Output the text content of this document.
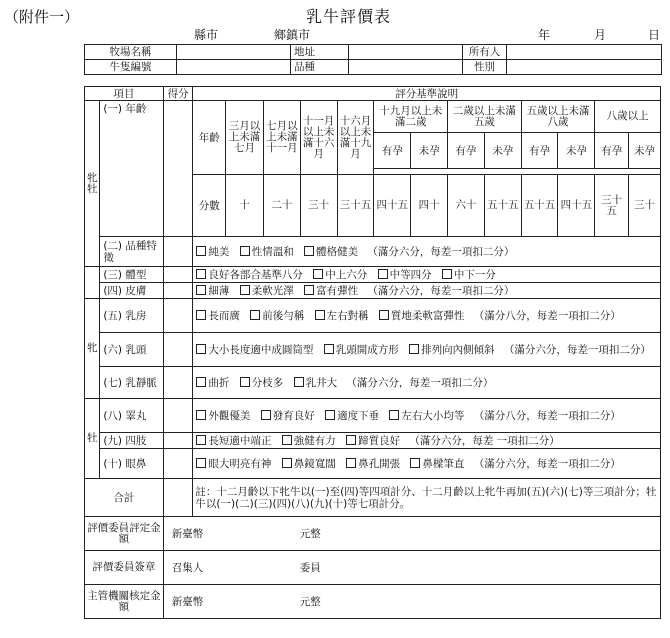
（附件一）	乳牛評價表
縣市	鄉鎮市	年	月	日
牧場名稱		地址		所有人	
牛隻編號		品種		性別	
項目		得分	評分基準說明												
牝牡	(一) 年齡		年齡	三月以上未滿七月	七月以上未滿十一月	十一月以上未滿十六月	十六月以上未滿十九月	十九月以上未滿二歲		二歲以上未滿五歲		五歲以上未滿八歲		八歲以上	
								有孕	未孕	有孕	未孕	有孕	未孕	有孕	未孕

			分數	十	二十	三十	三十五	四十五	四十	六十	五十五	五十五	四十五	三十五	三十
	(二) 品種特徵		純美 性情溫和 體格健美 （滿分六分，每差一項扣二分）												
	(三) 體型		良好各部合基準八分 中上六分 中等四分 中下一分												
	(四) 皮膚		細薄 柔軟光澤 富有彈性 （滿分六分，每差一項扣二分）												
牝	(五) 乳房		長而廣 前後勻稱 左右對稱 質地柔軟富彈性 （滿分八分，每差一項扣二分）												
	(六) 乳頭		大小長度適中成圓筒型 乳頭開成方形 排列向內側傾斜 （滿分六分，每差一項扣二分）												
	(七) 乳靜脈		曲折 分枝多 乳井大 （滿分六分，每差一項扣二分）												
牡	(八) 睪丸		外觀優美 發育良好 適度下垂 左右大小均等 （滿分八分，每差一項扣二分）												
	(九) 四肢		長短適中端正 強健有力 蹄質良好 （滿分六分，每差 一項扣二分）												
	(十) 眼鼻		眼大明亮有神 鼻鏡寬闊 鼻孔開張 鼻樑筆直 （滿分六分，每差一項扣二分）												
合計			註：十二月齡以下牝牛以(一)至(四)等四項計分、十二月齡以上牝牛再加(五)(六)(七)等三項計分；牡牛以(一)(二)(三)(四)(八)(九)(十)等七項計分。												
評價委員評定金額		新臺幣 元整													
評價委員簽章		召集人 委員													
主管機關核定金額		新臺幣 元整													
